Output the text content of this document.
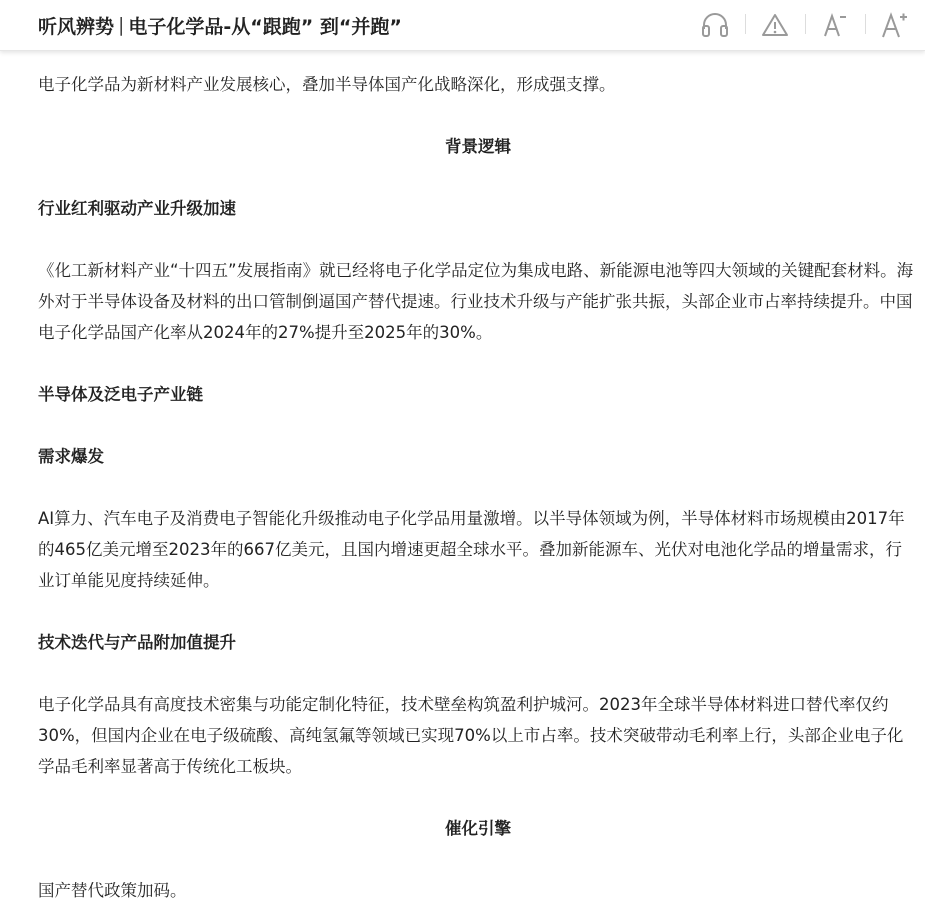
听风辨势 | 电子化学品-从“跟跑” 到“并跑”

电子化学品为新材料产业发展核心，叠加半导体国产化战略深化，形成强支撑。

背景逻辑

行业红利驱动产业升级加速

《化工新材料产业“十四五”发展指南》就已经将电子化学品定位为集成电路、新能源电池等四大领域的关键配套材料。海外对于半导体设备及材料的出口管制倒逼国产替代提速。行业技术升级与产能扩张共振，头部企业市占率持续提升。中国电子化学品国产化率从2024年的27%提升至2025年的30%。

半导体及泛电子产业链

需求爆发

AI算力、汽车电子及消费电子智能化升级推动电子化学品用量激增。以半导体领域为例，半导体材料市场规模由2017年的465亿美元增至2023年的667亿美元，且国内增速更超全球水平。叠加新能源车、光伏对电池化学品的增量需求，行业订单能见度持续延伸。

技术迭代与产品附加值提升

电子化学品具有高度技术密集与功能定制化特征，技术壁垒构筑盈利护城河。2023年全球半导体材料进口替代率仅约30%，但国内企业在电子级硫酸、高纯氢氟等领域已实现70%以上市占率。技术突破带动毛利率上行，头部企业电子化学品毛利率显著高于传统化工板块。

催化引擎

国产替代政策加码。
